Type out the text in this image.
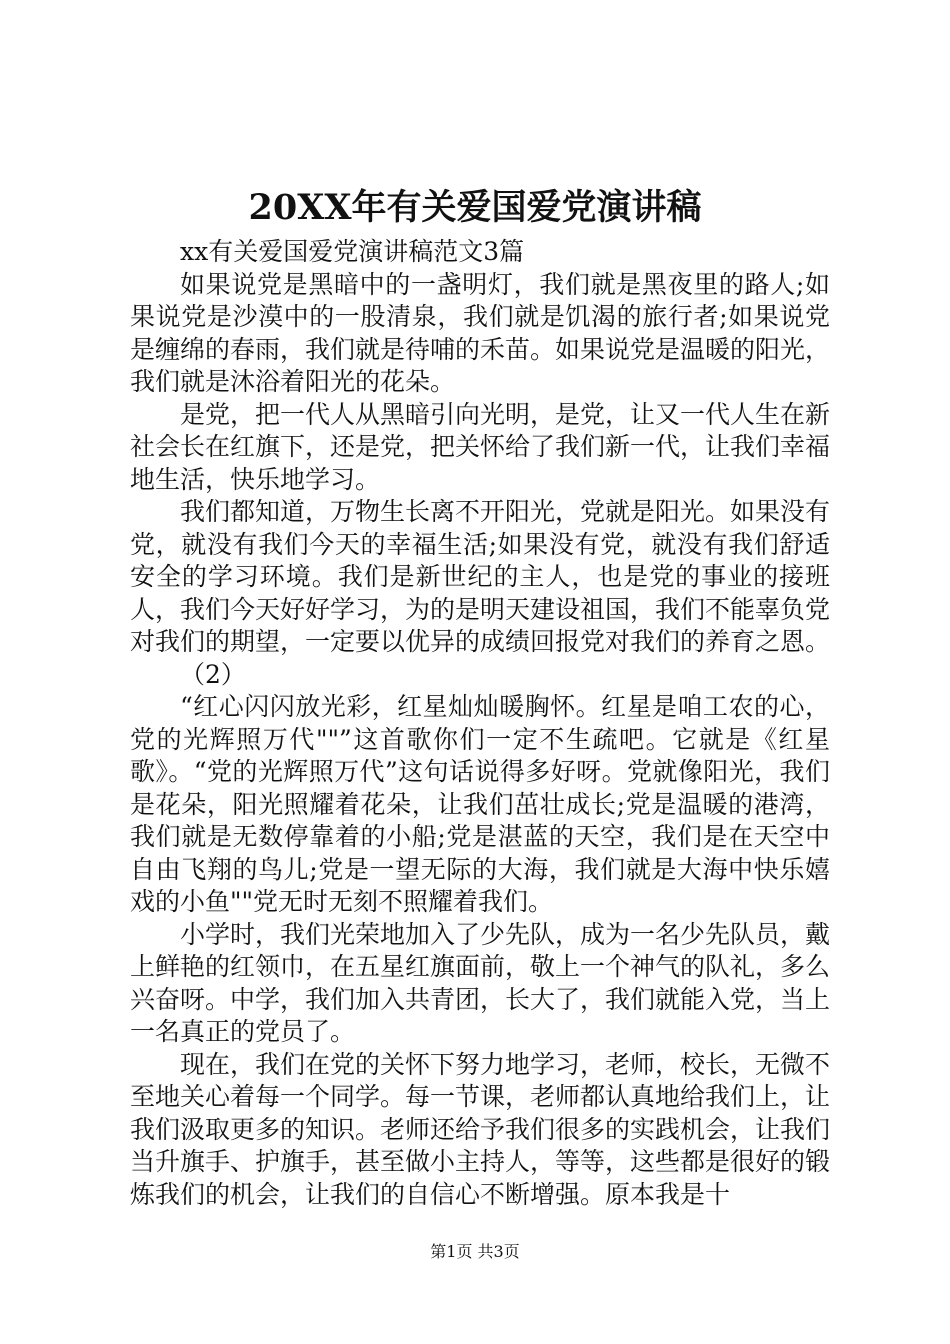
20XX年有关爱国爱党演讲稿

xx有关爱国爱党演讲稿范文3篇

如果说党是黑暗中的一盏明灯，我们就是黑夜里的路人;如果说党是沙漠中的一股清泉，我们就是饥渴的旅行者;如果说党是缠绵的春雨，我们就是待哺的禾苗。如果说党是温暖的阳光，我们就是沐浴着阳光的花朵。

是党，把一代人从黑暗引向光明，是党，让又一代人生在新社会长在红旗下，还是党，把关怀给了我们新一代，让我们幸福地生活，快乐地学习。

我们都知道，万物生长离不开阳光，党就是阳光。如果没有党，就没有我们今天的幸福生活;如果没有党，就没有我们舒适安全的学习环境。我们是新世纪的主人，也是党的事业的接班人，我们今天好好学习，为的是明天建设祖国，我们不能辜负党对我们的期望，一定要以优异的成绩回报党对我们的养育之恩。

（2）

“红心闪闪放光彩，红星灿灿暖胸怀。红星是咱工农的心，党的光辉照万代""”这首歌你们一定不生疏吧。它就是《红星歌》。“党的光辉照万代”这句话说得多好呀。党就像阳光，我们是花朵，阳光照耀着花朵，让我们茁壮成长;党是温暖的港湾，我们就是无数停靠着的小船;党是湛蓝的天空，我们是在天空中自由飞翔的鸟儿;党是一望无际的大海，我们就是大海中快乐嬉戏的小鱼""党无时无刻不照耀着我们。

小学时，我们光荣地加入了少先队，成为一名少先队员，戴上鲜艳的红领巾，在五星红旗面前，敬上一个神气的队礼，多么兴奋呀。中学，我们加入共青团，长大了，我们就能入党，当上一名真正的党员了。

现在，我们在党的关怀下努力地学习，老师，校长，无微不至地关心着每一个同学。每一节课，老师都认真地给我们上，让我们汲取更多的知识。老师还给予我们很多的实践机会，让我们当升旗手、护旗手，甚至做小主持人，等等，这些都是很好的锻炼我们的机会，让我们的自信心不断增强。原本我是十

第1页 共3页
